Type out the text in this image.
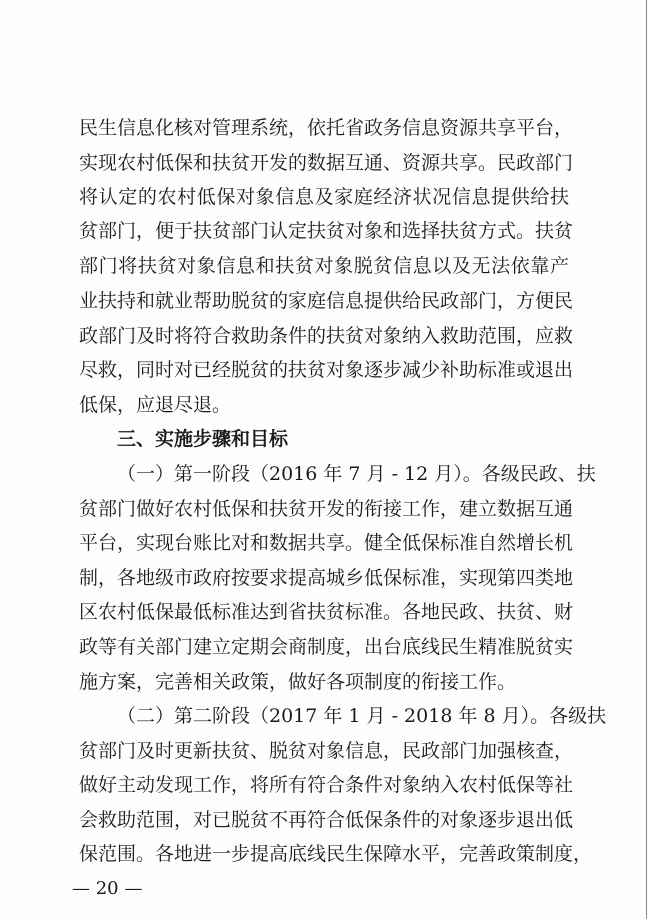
民生信息化核对管理系统，依托省政务信息资源共享平台，
实现农村低保和扶贫开发的数据互通、资源共享。民政部门
将认定的农村低保对象信息及家庭经济状况信息提供给扶
贫部门，便于扶贫部门认定扶贫对象和选择扶贫方式。扶贫
部门将扶贫对象信息和扶贫对象脱贫信息以及无法依靠产
业扶持和就业帮助脱贫的家庭信息提供给民政部门，方便民
政部门及时将符合救助条件的扶贫对象纳入救助范围，应救
尽救，同时对已经脱贫的扶贫对象逐步减少补助标准或退出
低保，应退尽退。
三、实施步骤和目标
（一）第一阶段（2016 年 7 月 - 12 月）。各级民政、扶
贫部门做好农村低保和扶贫开发的衔接工作，建立数据互通
平台，实现台账比对和数据共享。健全低保标准自然增长机
制，各地级市政府按要求提高城乡低保标准，实现第四类地
区农村低保最低标准达到省扶贫标准。各地民政、扶贫、财
政等有关部门建立定期会商制度，出台底线民生精准脱贫实
施方案，完善相关政策，做好各项制度的衔接工作。
（二）第二阶段（2017 年 1 月 - 2018 年 8 月）。各级扶
贫部门及时更新扶贫、脱贫对象信息，民政部门加强核查，
做好主动发现工作，将所有符合条件对象纳入农村低保等社
会救助范围，对已脱贫不再符合低保条件的对象逐步退出低
保范围。各地进一步提高底线民生保障水平，完善政策制度，
— 20 —
